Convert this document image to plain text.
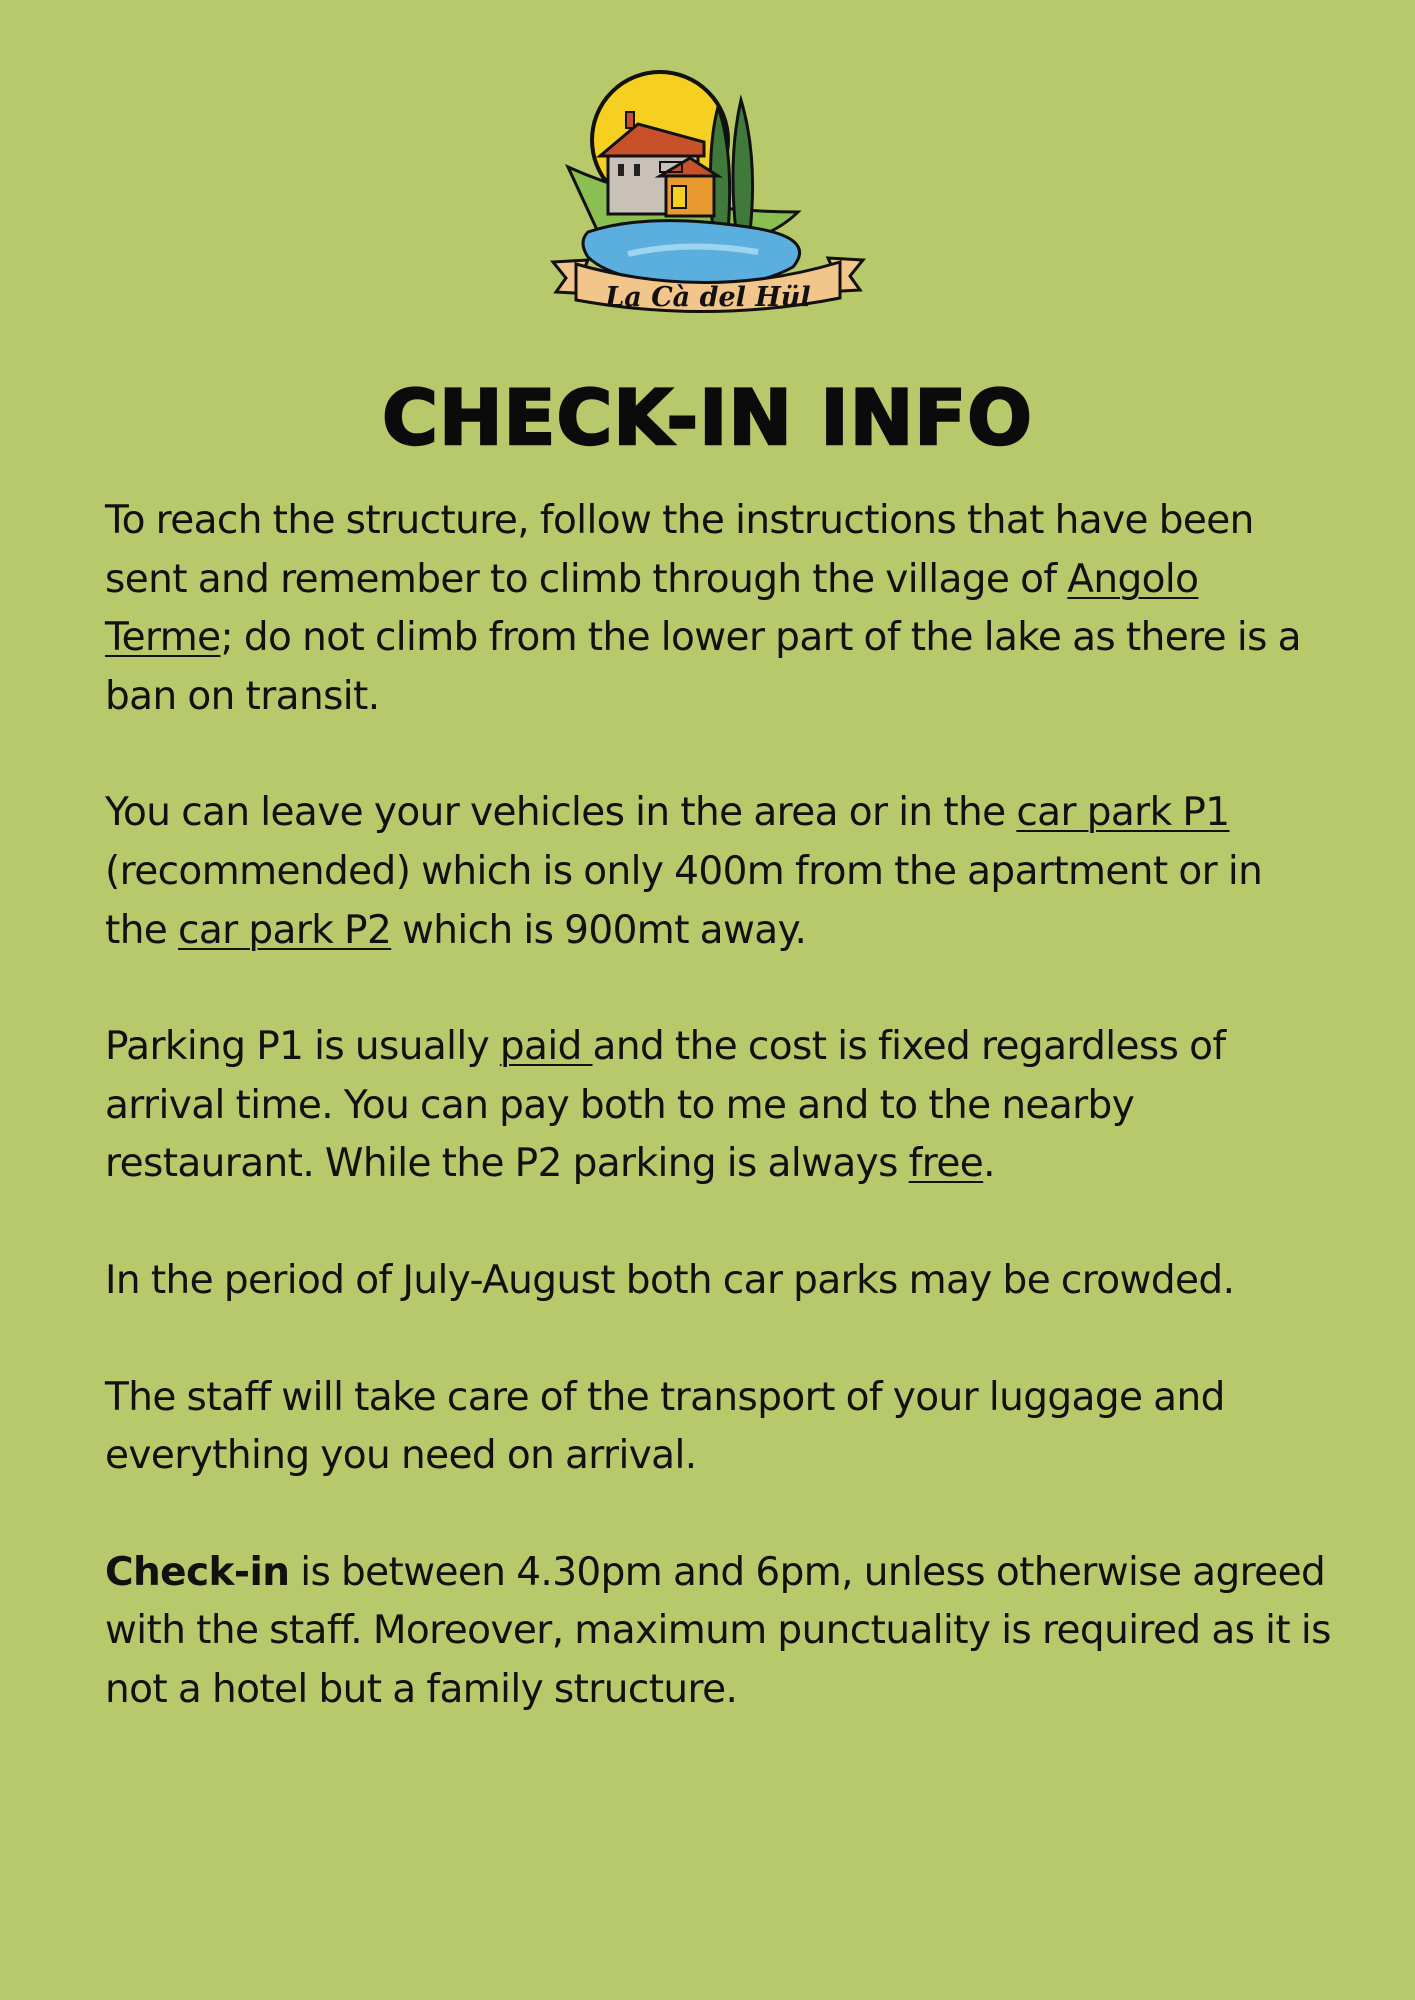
La Cà del Hül
CHECK-IN INFO

To reach the structure, follow the instructions that have been sent and remember to climb through the village of Angolo Terme; do not climb from the lower part of the lake as there is a ban on transit.

You can leave your vehicles in the area or in the car park P1 (recommended) which is only 400m from the apartment or in the car park P2 which is 900mt away.

Parking P1 is usually paid and the cost is fixed regardless of arrival time. You can pay both to me and to the nearby restaurant. While the P2 parking is always free.

In the period of July-August both car parks may be crowded.

The staff will take care of the transport of your luggage and everything you need on arrival.

Check-in is between 4.30pm and 6pm, unless otherwise agreed with the staff. Moreover, maximum punctuality is required as it is not a hotel but a family structure.
